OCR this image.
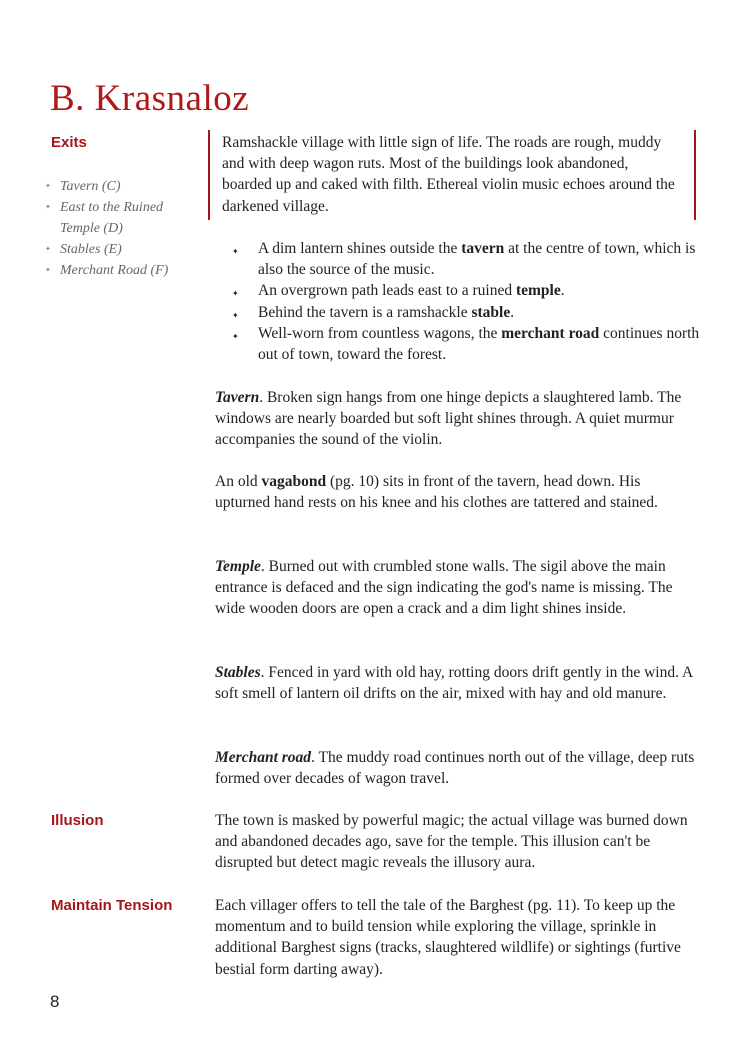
B. Krasnaloz
Exits
✦ Tavern (C)
✦ East to the Ruined Temple (D)
✦ Stables (E)
✦ Merchant Road (F)

Ramshackle village with little sign of life. The roads are rough, muddy and with deep wagon ruts. Most of the buildings look abandoned, boarded up and caked with filth. Ethereal violin music echoes around the darkened village.

✦ A dim lantern shines outside the tavern at the centre of town, which is also the source of the music.
✦ An overgrown path leads east to a ruined temple.
✦ Behind the tavern is a ramshackle stable.
✦ Well-worn from countless wagons, the merchant road continues north out of town, toward the forest.

Tavern. Broken sign hangs from one hinge depicts a slaughtered lamb. The windows are nearly boarded but soft light shines through. A quiet murmur accompanies the sound of the violin.

An old vagabond (pg. 10) sits in front of the tavern, head down. His upturned hand rests on his knee and his clothes are tattered and stained.

Temple. Burned out with crumbled stone walls. The sigil above the main entrance is defaced and the sign indicating the god's name is missing. The wide wooden doors are open a crack and a dim light shines inside.

Stables. Fenced in yard with old hay, rotting doors drift gently in the wind. A soft smell of lantern oil drifts on the air, mixed with hay and old manure.

Merchant road. The muddy road continues north out of the village, deep ruts formed over decades of wagon travel.

Illusion	The town is masked by powerful magic; the actual village was burned down and abandoned decades ago, save for the temple. This illusion can't be disrupted but detect magic reveals the illusory aura.

Maintain Tension	Each villager offers to tell the tale of the Barghest (pg. 11). To keep up the momentum and to build tension while exploring the village, sprinkle in additional Barghest signs (tracks, slaughtered wildlife) or sightings (furtive bestial form darting away).

8
